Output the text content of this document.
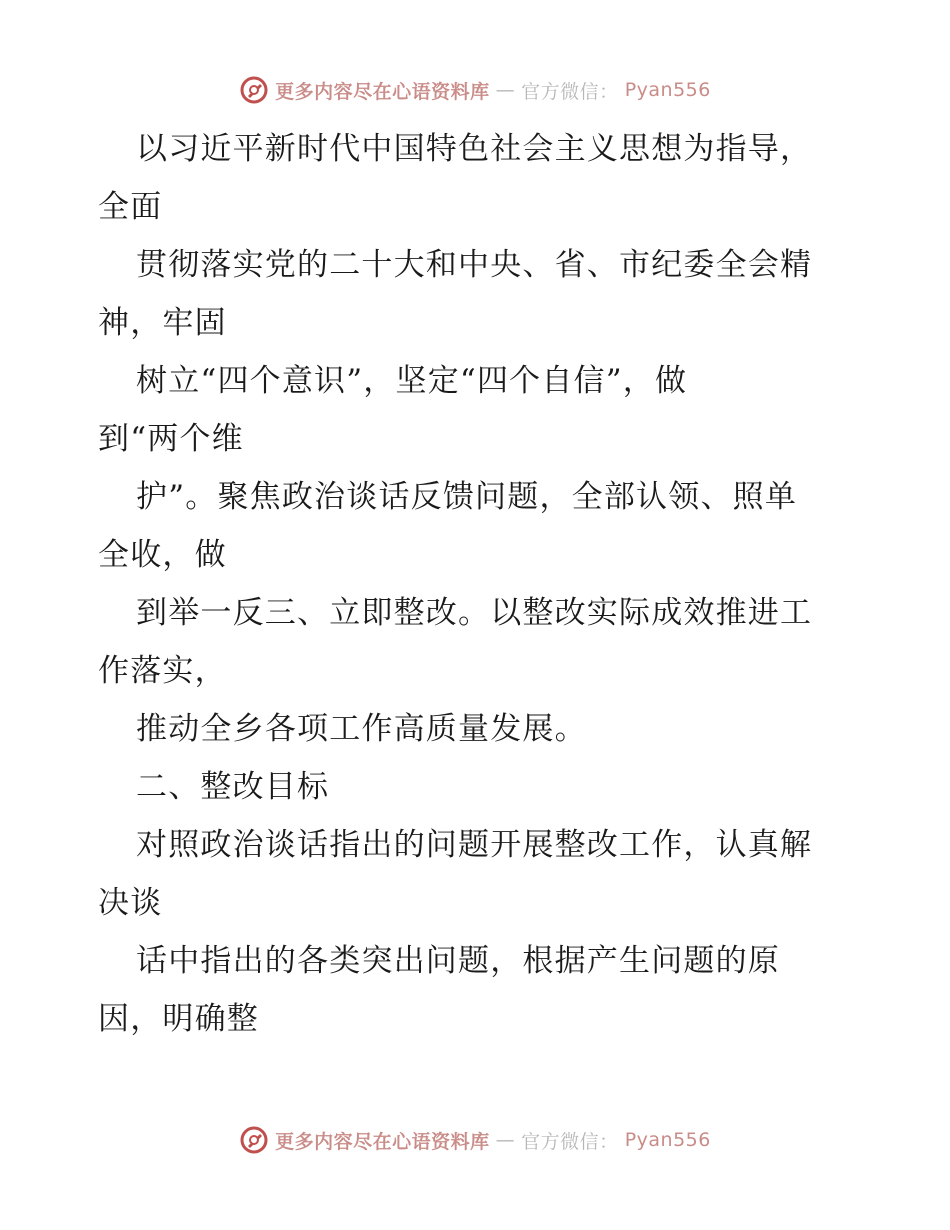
更多内容尽在心语资料库 — 官方微信： Pyan556

以习近平新时代中国特色社会主义思想为指导，
全面

贯彻落实党的二十大和中央、省、市纪委全会精
神，牢固

树立“四个意识”，坚定“四个自信”，做
到“两个维

护”。聚焦政治谈话反馈问题，全部认领、照单
全收，做

到举一反三、立即整改。以整改实际成效推进工
作落实，

推动全乡各项工作高质量发展。

二、整改目标

对照政治谈话指出的问题开展整改工作，认真解
决谈

话中指出的各类突出问题，根据产生问题的原
因，明确整

更多内容尽在心语资料库 — 官方微信： Pyan556
